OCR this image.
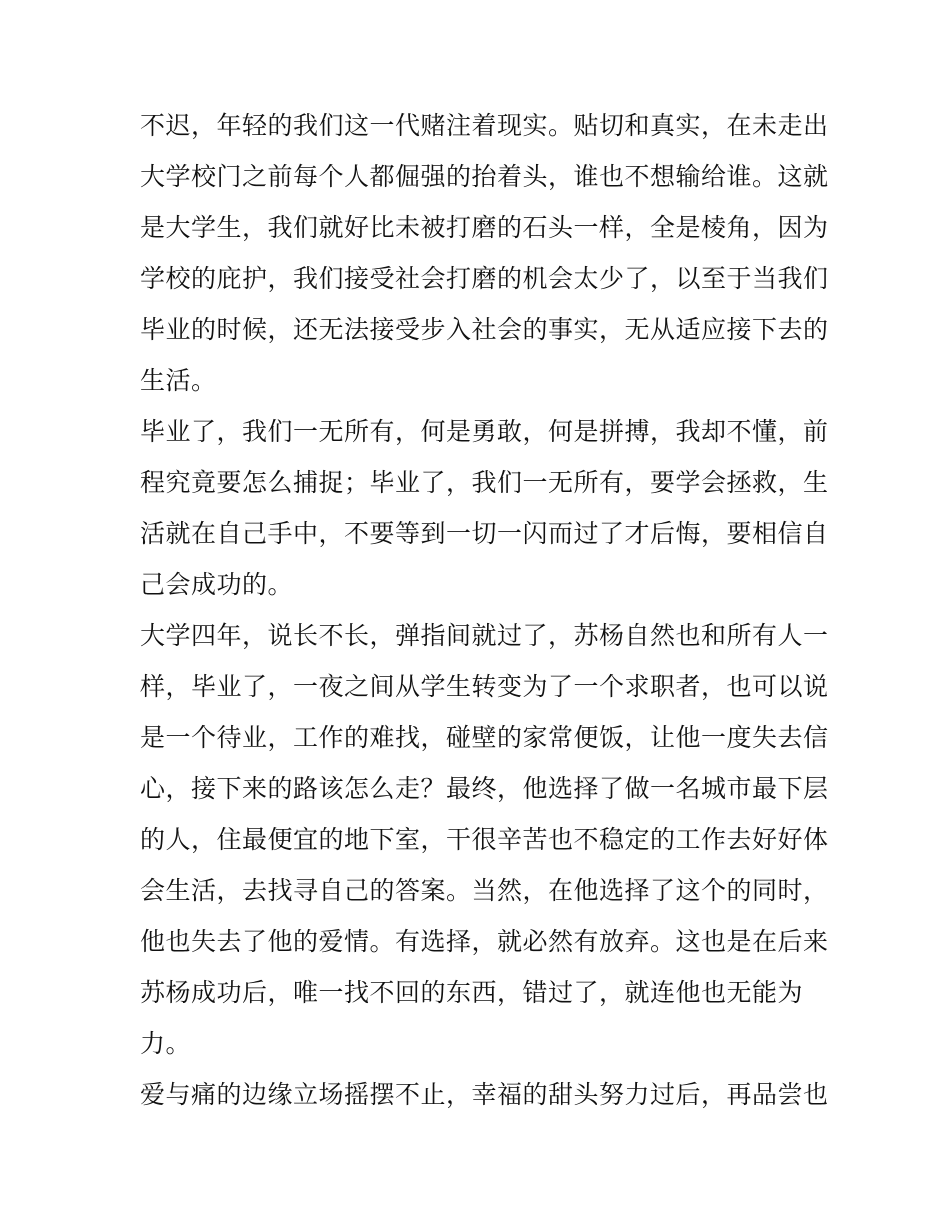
不迟，年轻的我们这一代赌注着现实。贴切和真实，在未走出
大学校门之前每个人都倔强的抬着头，谁也不想输给谁。这就
是大学生，我们就好比未被打磨的石头一样，全是棱角，因为
学校的庇护，我们接受社会打磨的机会太少了，以至于当我们
毕业的时候，还无法接受步入社会的事实，无从适应接下去的
生活。
毕业了，我们一无所有，何是勇敢，何是拼搏，我却不懂，前
程究竟要怎么捕捉；毕业了，我们一无所有，要学会拯救，生
活就在自己手中，不要等到一切一闪而过了才后悔，要相信自
己会成功的。
大学四年，说长不长，弹指间就过了，苏杨自然也和所有人一
样，毕业了，一夜之间从学生转变为了一个求职者，也可以说
是一个待业，工作的难找，碰壁的家常便饭，让他一度失去信
心，接下来的路该怎么走？最终，他选择了做一名城市最下层
的人，住最便宜的地下室，干很辛苦也不稳定的工作去好好体
会生活，去找寻自己的答案。当然，在他选择了这个的同时，
他也失去了他的爱情。有选择，就必然有放弃。这也是在后来
苏杨成功后，唯一找不回的东西，错过了，就连他也无能为
力。
爱与痛的边缘立场摇摆不止，幸福的甜头努力过后，再品尝也
